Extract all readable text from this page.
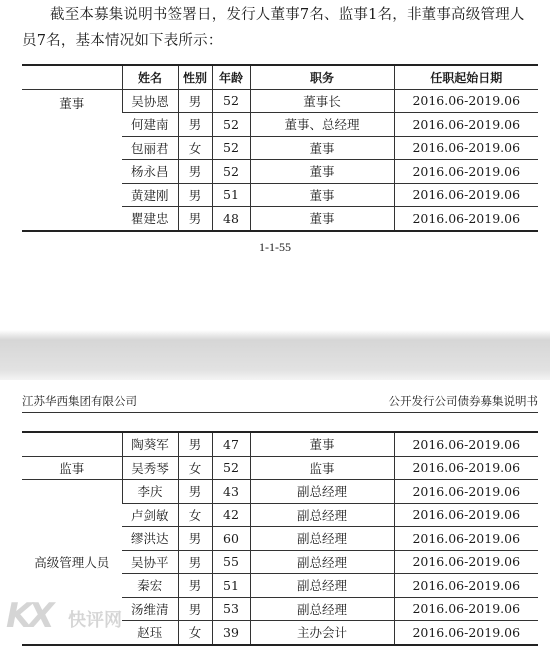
截至本募集说明书签署日，发行人董事7名、监事1名，非董事高级管理人员7名，基本情况如下表所示：
	姓名	性别	年龄	职务	任职起始日期
董事	吴协恩	男	52	董事长	2016.06-2019.06
	何建南	男	52	董事、总经理	2016.06-2019.06
	包丽君	女	52	董事	2016.06-2019.06
	杨永昌	男	52	董事	2016.06-2019.06
	黄建刚	男	51	董事	2016.06-2019.06
	瞿建忠	男	48	董事	2016.06-2019.06
1-1-55
江苏华西集团有限公司	公开发行公司债券募集说明书
	陶葵军	男	47	董事	2016.06-2019.06
监事	吴秀琴	女	52	监事	2016.06-2019.06
高级管理人员	李庆	男	43	副总经理	2016.06-2019.06
	卢剑敏	女	42	副总经理	2016.06-2019.06
	缪洪达	男	60	副总经理	2016.06-2019.06
	吴协平	男	55	副总经理	2016.06-2019.06
	秦宏	男	51	副总经理	2016.06-2019.06
	汤维清	男	53	副总经理	2016.06-2019.06
	赵珏	女	39	主办会计	2016.06-2019.06
KX 快评网
